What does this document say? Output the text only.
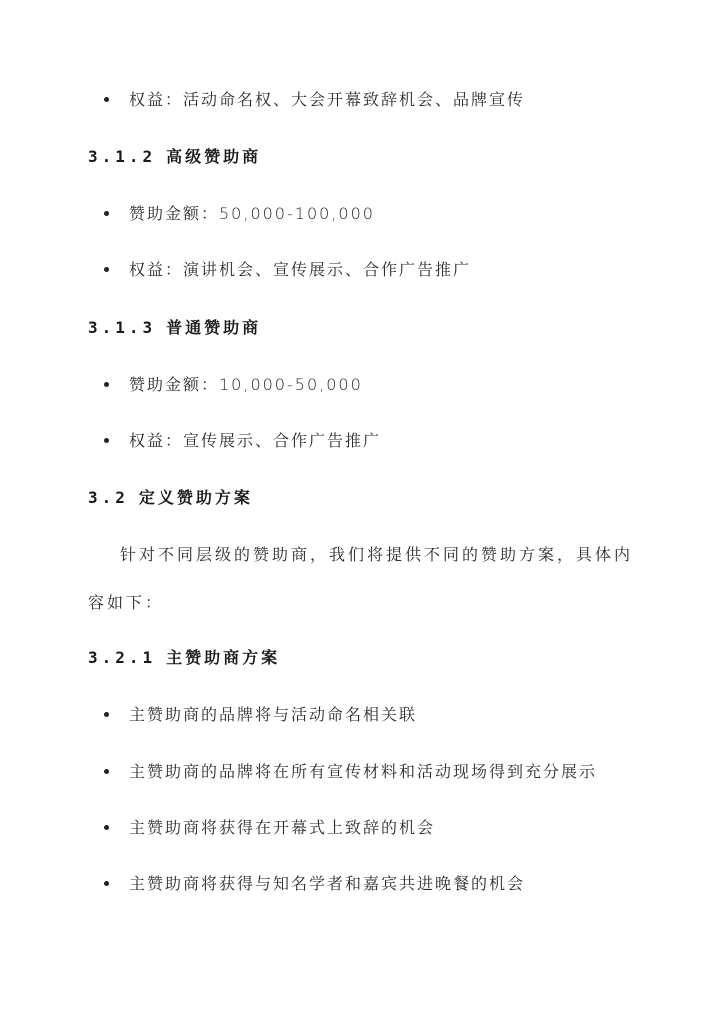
权益：活动命名权、大会开幕致辞机会、品牌宣传
3.1.2 高级赞助商
赞助金额：50,000-100,000
权益：演讲机会、宣传展示、合作广告推广
3.1.3 普通赞助商
赞助金额：10,000-50,000
权益：宣传展示、合作广告推广
3.2 定义赞助方案
针对不同层级的赞助商，我们将提供不同的赞助方案，具体内
容如下：
3.2.1 主赞助商方案
主赞助商的品牌将与活动命名相关联
主赞助商的品牌将在所有宣传材料和活动现场得到充分展示
主赞助商将获得在开幕式上致辞的机会
主赞助商将获得与知名学者和嘉宾共进晚餐的机会
